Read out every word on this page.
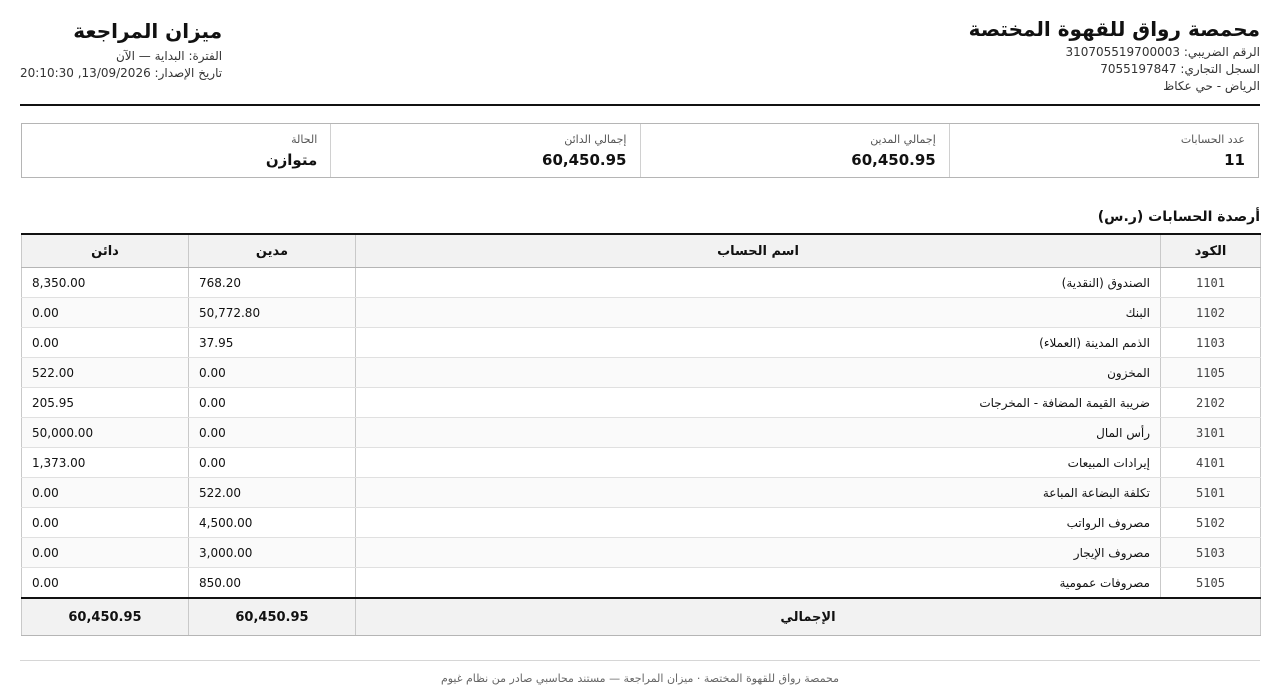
محمصة رواق للقهوة المختصة
الرقم الضريبي: 310705519700003
السجل التجاري: 7055197847
الرياض - حي عكاظ
ميزان المراجعة
الفترة: البداية — الآن
تاريخ الإصدار: 13/09/2026, 20:10:30
عدد الحسابات
11
إجمالي المدين
60,450.95
إجمالي الدائن
60,450.95
الحالة
متوازن
أرصدة الحسابات (ر.س)
الكود	اسم الحساب	مدين	دائن
1101	الصندوق (النقدية)	768.20	8,350.00
1102	البنك	50,772.80	0.00
1103	الذمم المدينة (العملاء)	37.95	0.00
1105	المخزون	0.00	522.00
2102	ضريبة القيمة المضافة - المخرجات	0.00	205.95
3101	رأس المال	0.00	50,000.00
4101	إيرادات المبيعات	0.00	1,373.00
5101	تكلفة البضاعة المباعة	522.00	0.00
5102	مصروف الرواتب	4,500.00	0.00
5103	مصروف الإيجار	3,000.00	0.00
5105	مصروفات عمومية	850.00	0.00
الإجمالي		60,450.95	60,450.95
محمصة رواق للقهوة المختصة · ميزان المراجعة — مستند محاسبي صادر من نظام غيوم
